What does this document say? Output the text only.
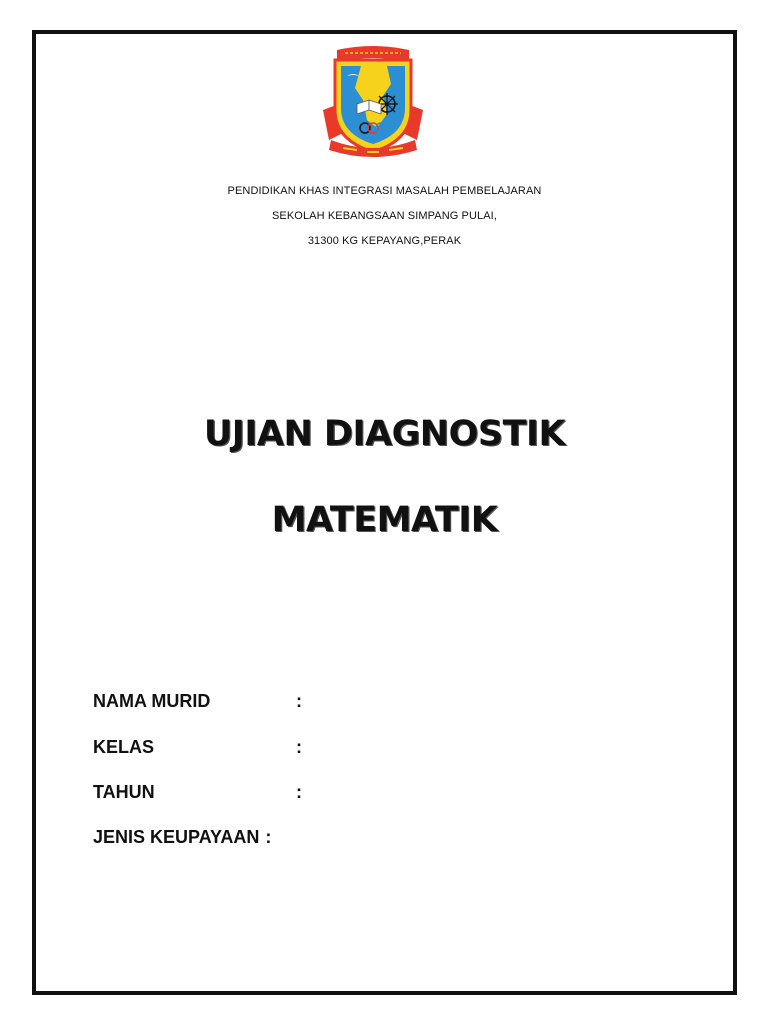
PENDIDIKAN KHAS INTEGRASI MASALAH PEMBELAJARAN
SEKOLAH KEBANGSAAN SIMPANG PULAI,
31300 KG KEPAYANG,PERAK
UJIAN DIAGNOSTIK
MATEMATIK
NAMA MURID	:
KELAS	:
TAHUN	:
JENIS KEUPAYAAN :
